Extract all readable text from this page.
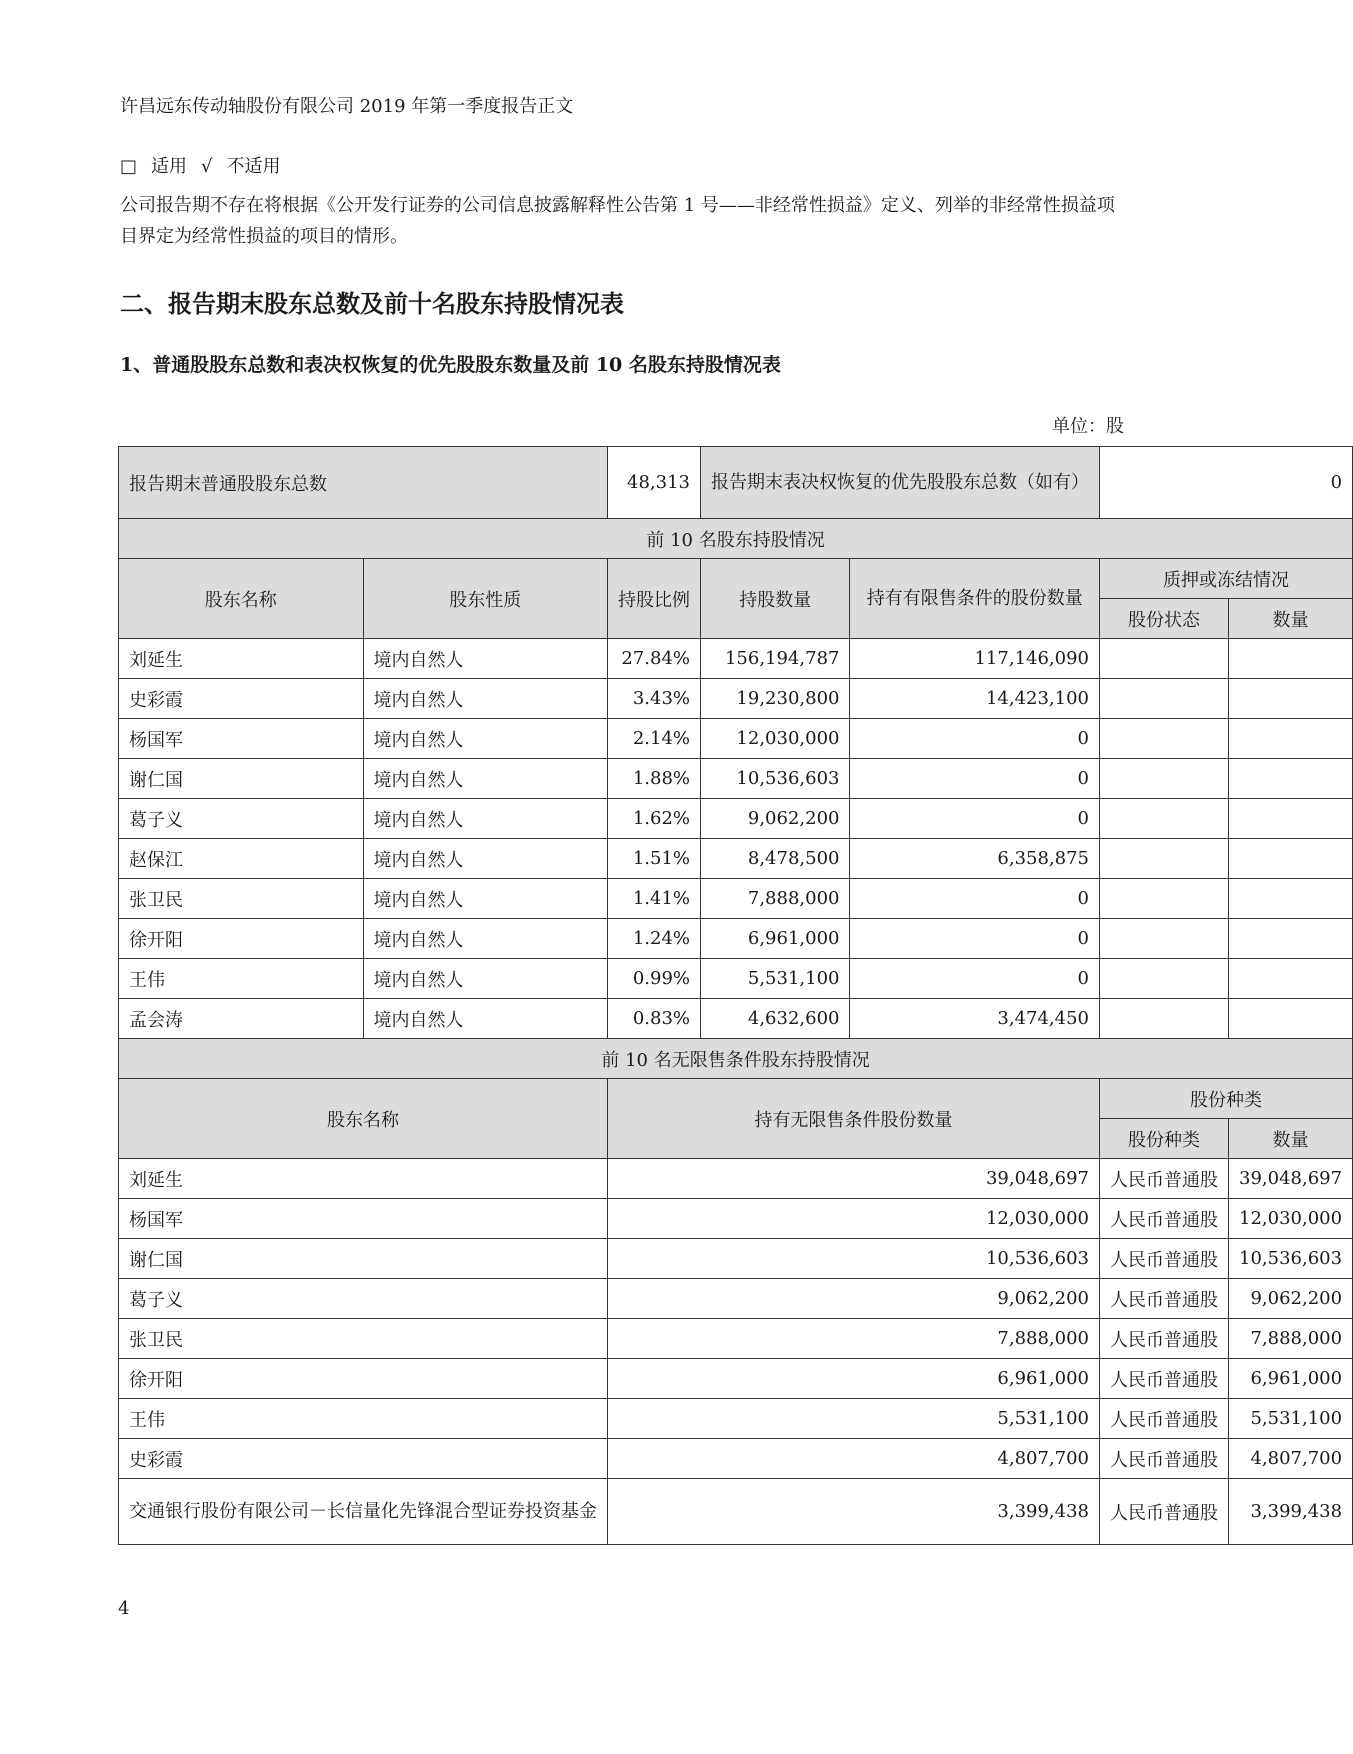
许昌远东传动轴股份有限公司 2019 年第一季度报告正文
□ 适用 √ 不适用
公司报告期不存在将根据《公开发行证券的公司信息披露解释性公告第 1 号——非经常性损益》定义、列举的非经常性损益项目界定为经常性损益的项目的情形。
二、报告期末股东总数及前十名股东持股情况表
1、普通股股东总数和表决权恢复的优先股股东数量及前 10 名股东持股情况表
单位：股
报告期末普通股股东总数		48,313	报告期末表决权恢复的优先股股东总数（如有）		0	
前 10 名股东持股情况						
股东名称	股东性质	持股比例	持股数量	持有有限售条件的股份数量	质押或冻结情况	
					股份状态	数量
刘延生	境内自然人	27.84%	156,194,787	117,146,090		
史彩霞	境内自然人	3.43%	19,230,800	14,423,100		
杨国军	境内自然人	2.14%	12,030,000	0		
谢仁国	境内自然人	1.88%	10,536,603	0		
葛子义	境内自然人	1.62%	9,062,200	0		
赵保江	境内自然人	1.51%	8,478,500	6,358,875		
张卫民	境内自然人	1.41%	7,888,000	0		
徐开阳	境内自然人	1.24%	6,961,000	0		
王伟	境内自然人	0.99%	5,531,100	0		
孟会涛	境内自然人	0.83%	4,632,600	3,474,450		
前 10 名无限售条件股东持股情况						
股东名称		持有无限售条件股份数量			股份种类	
					股份种类	数量
刘延生		39,048,697			人民币普通股	39,048,697
杨国军		12,030,000			人民币普通股	12,030,000
谢仁国		10,536,603			人民币普通股	10,536,603
葛子义		9,062,200			人民币普通股	9,062,200
张卫民		7,888,000			人民币普通股	7,888,000
徐开阳		6,961,000			人民币普通股	6,961,000
王伟		5,531,100			人民币普通股	5,531,100
史彩霞		4,807,700			人民币普通股	4,807,700
交通银行股份有限公司－长信量化先锋混合型证券投资基金		3,399,438			人民币普通股	3,399,438
4
